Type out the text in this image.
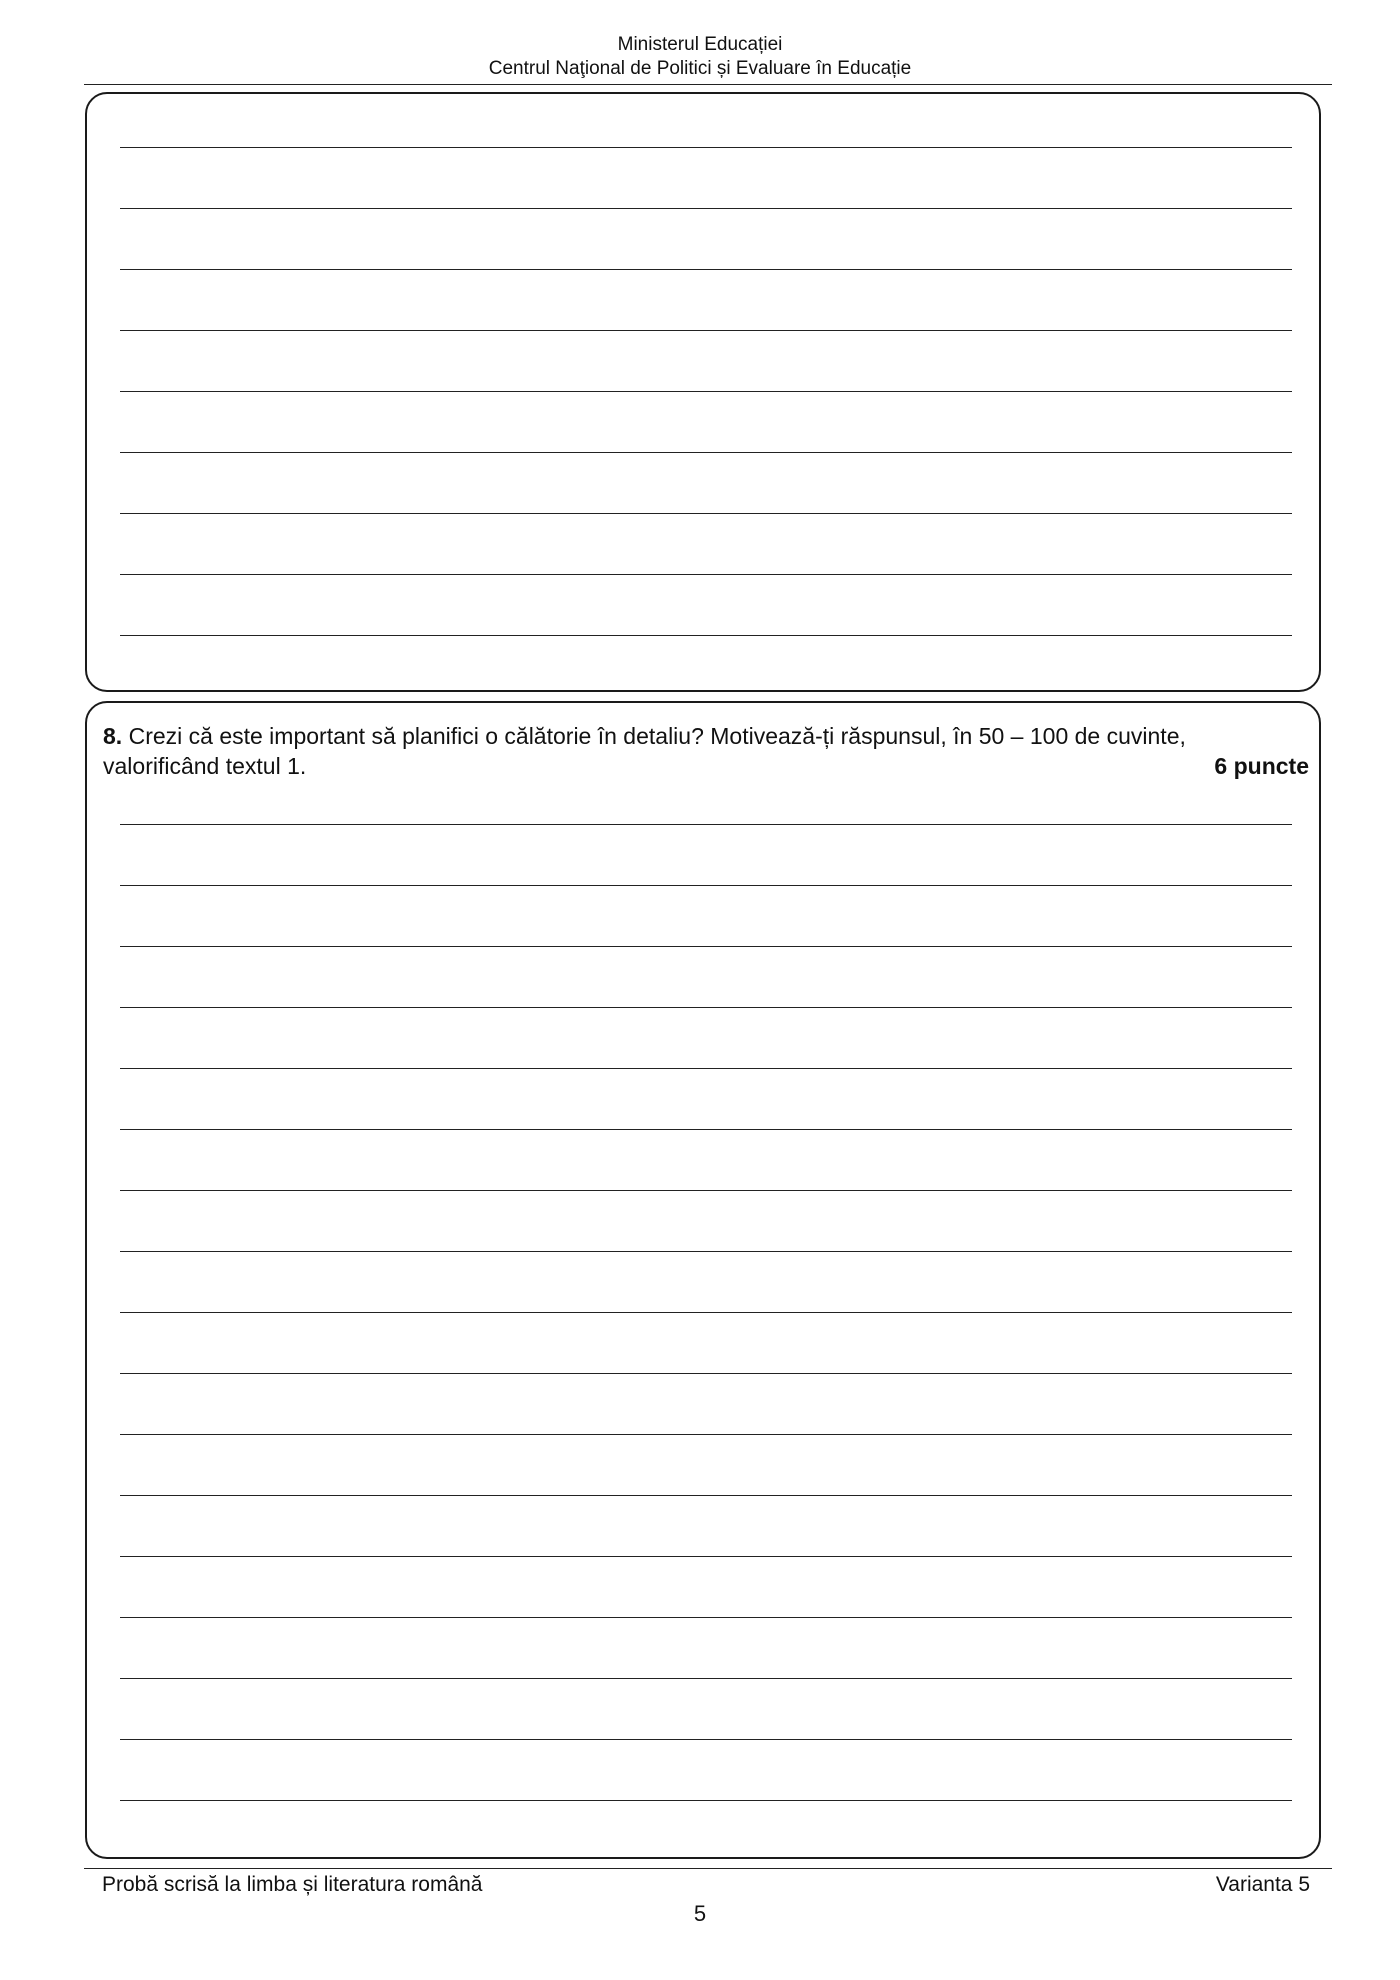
Ministerul Educației
Centrul Naţional de Politici și Evaluare în Educație
8. Crezi că este important să planifici o călătorie în detaliu? Motivează-ți răspunsul, în 50 – 100 de cuvinte,
valorificând textul 1.	6 puncte
Probă scrisă la limba și literatura română	Varianta 5
5
